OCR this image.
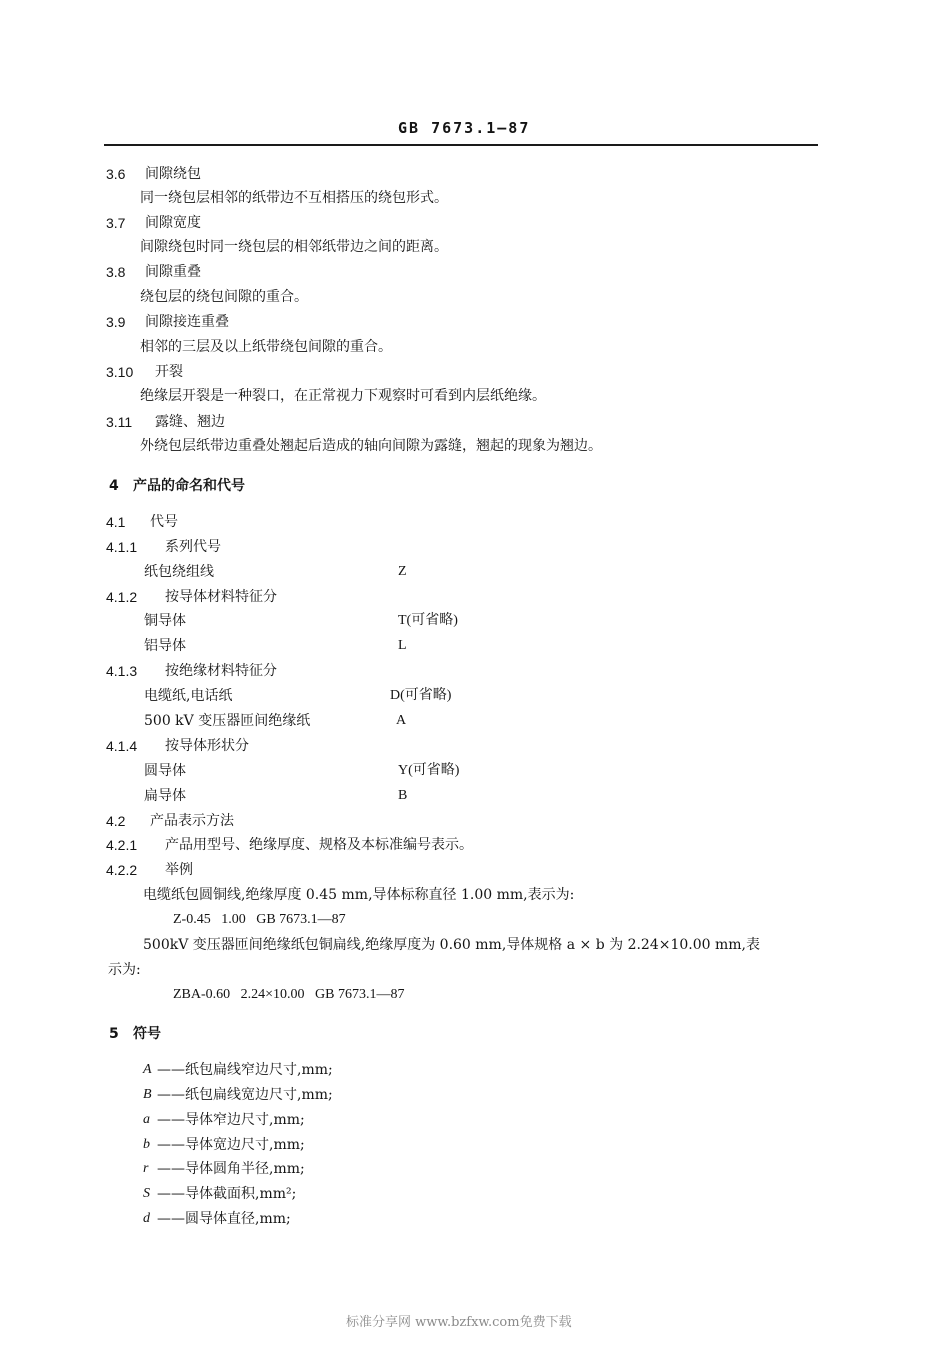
GB 7673.1—87
3.6 间隙绕包
同一绕包层相邻的纸带边不互相搭压的绕包形式。
3.7 间隙宽度
间隙绕包时同一绕包层的相邻纸带边之间的距离。
3.8 间隙重叠
绕包层的绕包间隙的重合。
3.9 间隙接连重叠
相邻的三层及以上纸带绕包间隙的重合。
3.10 开裂
绝缘层开裂是一种裂口，在正常视力下观察时可看到内层纸绝缘。
3.11 露缝、翘边
外绕包层纸带边重叠处翘起后造成的轴向间隙为露缝，翘起的现象为翘边。
4 产品的命名和代号
4.1 代号
4.1.1 系列代号
纸包绕组线	Z
4.1.2 按导体材料特征分
铜导体	T(可省略)
铝导体	L
4.1.3 按绝缘材料特征分
电缆纸,电话纸	D(可省略)
500 kV 变压器匝间绝缘纸	A
4.1.4 按导体形状分
圆导体	Y(可省略)
扁导体	B
4.2 产品表示方法
4.2.1 产品用型号、绝缘厚度、规格及本标准编号表示。
4.2.2 举例
电缆纸包圆铜线,绝缘厚度 0.45 mm,导体标称直径 1.00 mm,表示为:
Z-0.45   1.00   GB 7673.1—87
500kV 变压器匝间绝缘纸包铜扁线,绝缘厚度为 0.60 mm,导体规格 a × b 为 2.24×10.00 mm,表
示为:
ZBA-0.60   2.24×10.00   GB 7673.1—87
5 符号
A ——纸包扁线窄边尺寸,mm;
B ——纸包扁线宽边尺寸,mm;
a ——导体窄边尺寸,mm;
b ——导体宽边尺寸,mm;
r ——导体圆角半径,mm;
S ——导体截面积,mm²;
d ——圆导体直径,mm;
标准分享网 www.bzfxw.com免费下载
